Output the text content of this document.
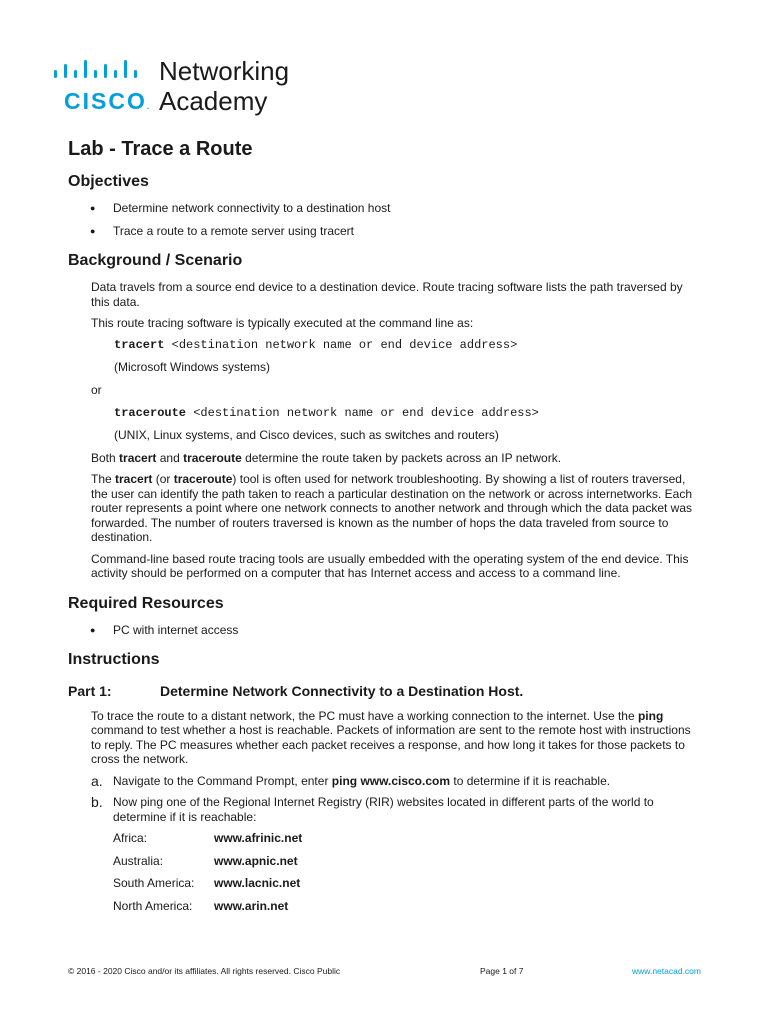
CISCO.
Networking
Academy
Lab - Trace a Route
Objectives
● Determine network connectivity to a destination host
● Trace a route to a remote server using tracert
Background / Scenario

Data travels from a source end device to a destination device. Route tracing software lists the path traversed by this data.

This route tracing software is typically executed at the command line as:

tracert <destination network name or end device address>
(Microsoft Windows systems)
or
traceroute <destination network name or end device address>
(UNIX, Linux systems, and Cisco devices, such as switches and routers)

Both tracert and traceroute determine the route taken by packets across an IP network.

The tracert (or traceroute) tool is often used for network troubleshooting. By showing a list of routers traversed, the user can identify the path taken to reach a particular destination on the network or across internetworks. Each router represents a point where one network connects to another network and through which the data packet was forwarded. The number of routers traversed is known as the number of hops the data traveled from source to destination.

Command-line based route tracing tools are usually embedded with the operating system of the end device. This activity should be performed on a computer that has Internet access and access to a command line.

Required Resources
● PC with internet access
Instructions
Part 1:	Determine Network Connectivity to a Destination Host.

To trace the route to a distant network, the PC must have a working connection to the internet. Use the ping command to test whether a host is reachable. Packets of information are sent to the remote host with instructions to reply. The PC measures whether each packet receives a response, and how long it takes for those packets to cross the network.

a. Navigate to the Command Prompt, enter ping www.cisco.com to determine if it is reachable.
b. Now ping one of the Regional Internet Registry (RIR) websites located in different parts of the world to determine if it is reachable:
Africa:	www.afrinic.net
Australia:	www.apnic.net
South America:	www.lacnic.net
North America:	www.arin.net
© 2016 - 2020 Cisco and/or its affiliates. All rights reserved. Cisco Public	Page 1 of 7	www.netacad.com
